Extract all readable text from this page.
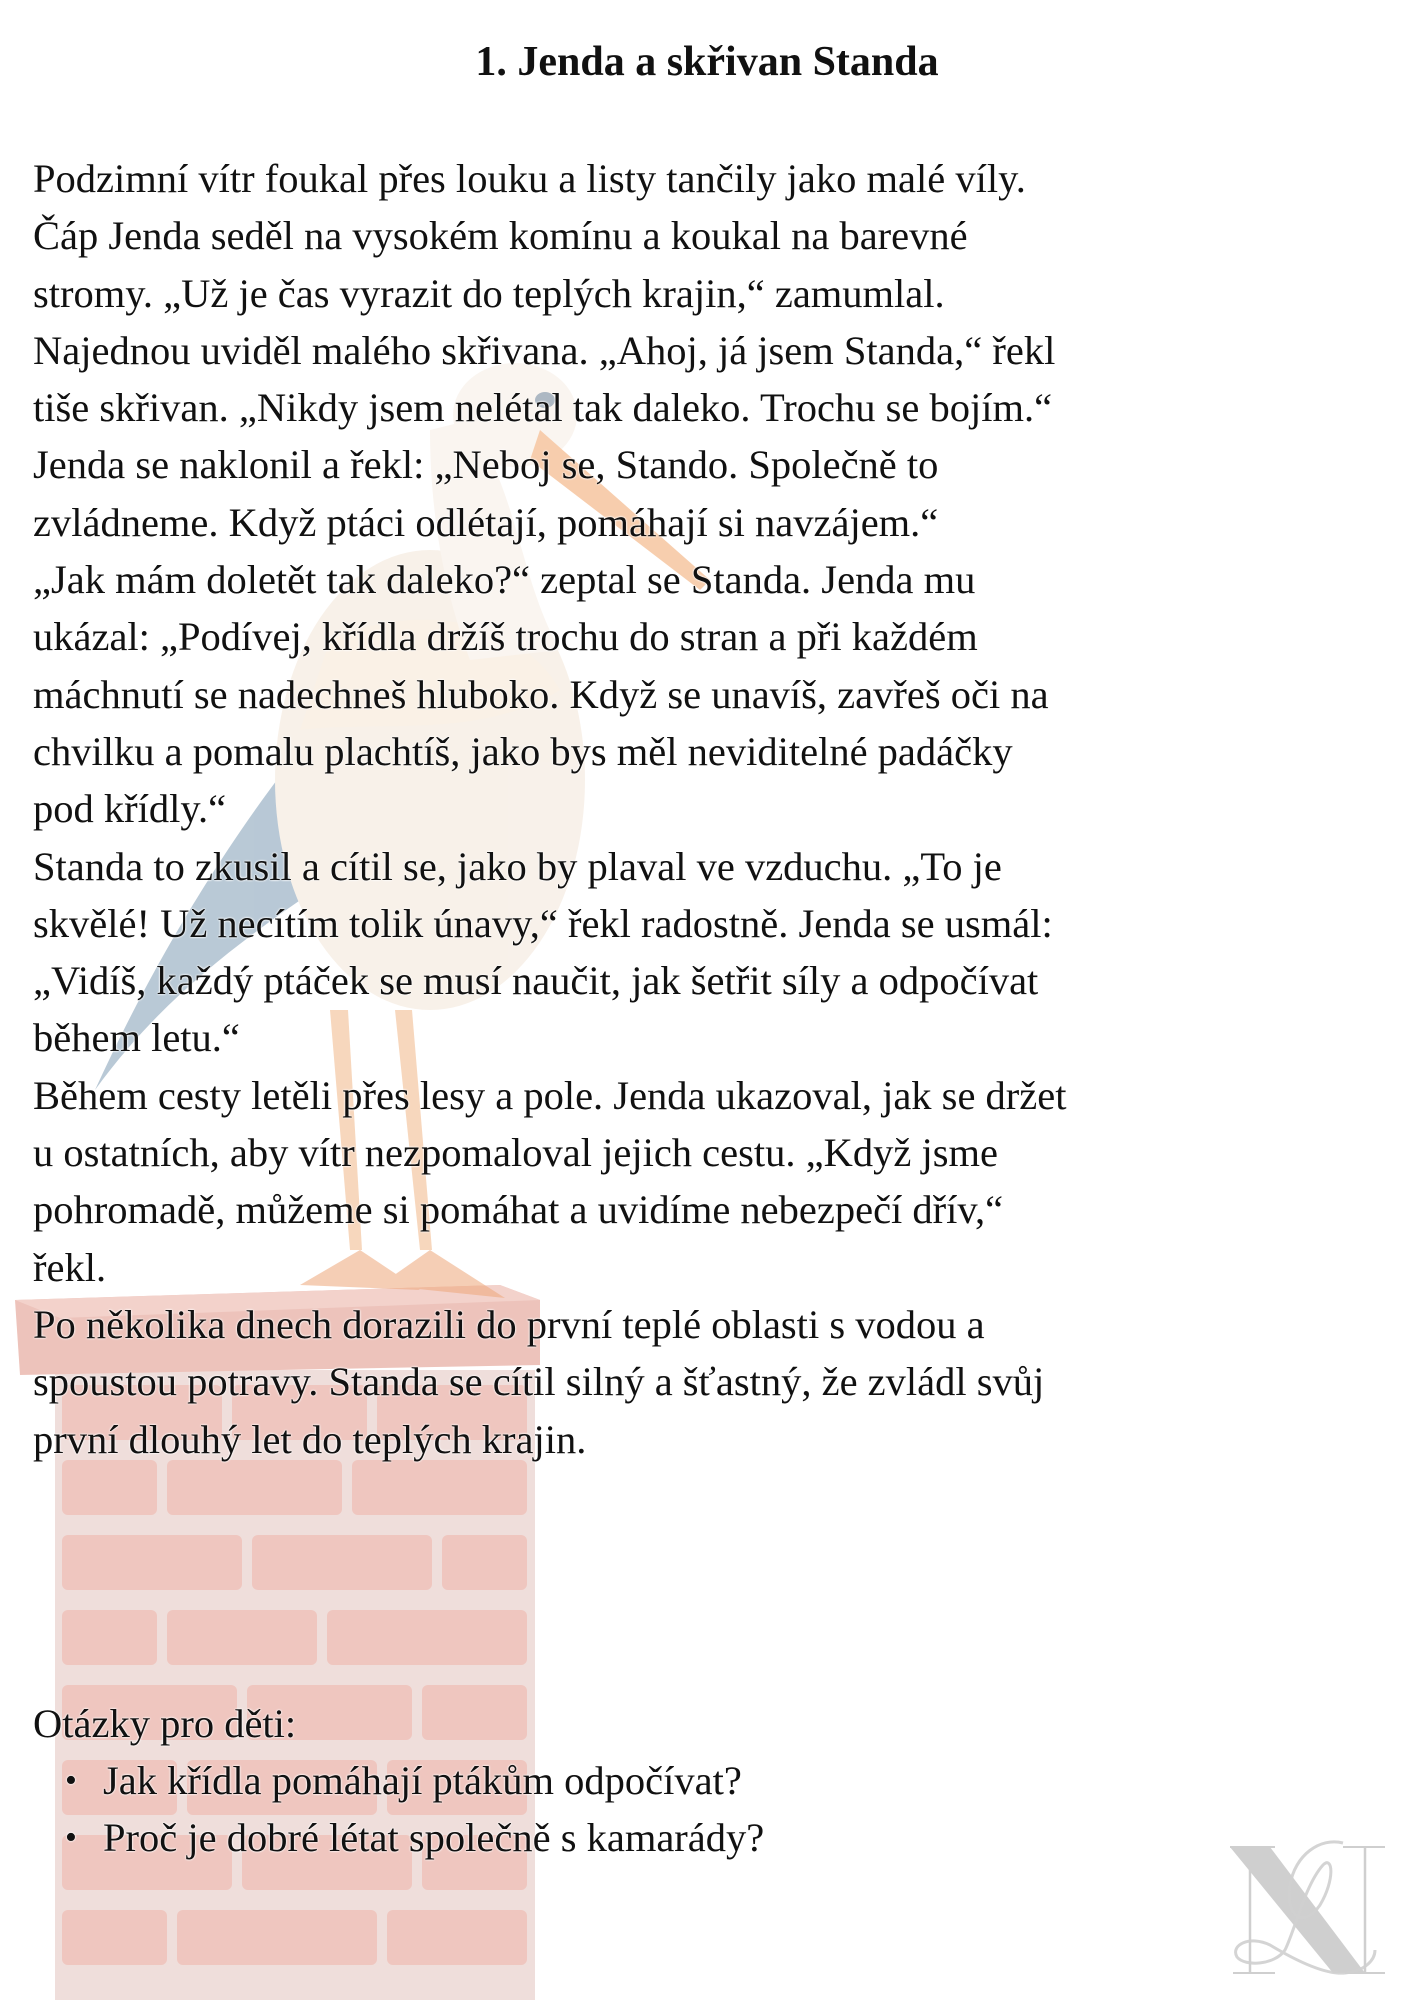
1. Jenda a skřivan Standa
Podzimní vítr foukal přes louku a listy tančily jako malé víly.
Čáp Jenda seděl na vysokém komínu a koukal na barevné
stromy. „Už je čas vyrazit do teplých krajin,“ zamumlal.
Najednou uviděl malého skřivana. „Ahoj, já jsem Standa,“ řekl
tiše skřivan. „Nikdy jsem nelétal tak daleko. Trochu se bojím.“
Jenda se naklonil a řekl: „Neboj se, Stando. Společně to
zvládneme. Když ptáci odlétají, pomáhají si navzájem.“
„Jak mám doletět tak daleko?“ zeptal se Standa. Jenda mu
ukázal: „Podívej, křídla držíš trochu do stran a při každém
máchnutí se nadechneš hluboko. Když se unavíš, zavřeš oči na
chvilku a pomalu plachtíš, jako bys měl neviditelné padáčky
pod křídly.“
Standa to zkusil a cítil se, jako by plaval ve vzduchu. „To je
skvělé! Už necítím tolik únavy,“ řekl radostně. Jenda se usmál:
„Vidíš, každý ptáček se musí naučit, jak šetřit síly a odpočívat
během letu.“
Během cesty letěli přes lesy a pole. Jenda ukazoval, jak se držet
u ostatních, aby vítr nezpomaloval jejich cestu. „Když jsme
pohromadě, můžeme si pomáhat a uvidíme nebezpečí dřív,“
řekl.
Po několika dnech dorazili do první teplé oblasti s vodou a
spoustou potravy. Standa se cítil silný a šťastný, že zvládl svůj
první dlouhý let do teplých krajin.
Otázky pro děti:
• Jak křídla pomáhají ptákům odpočívat?
• Proč je dobré létat společně s kamarády?
